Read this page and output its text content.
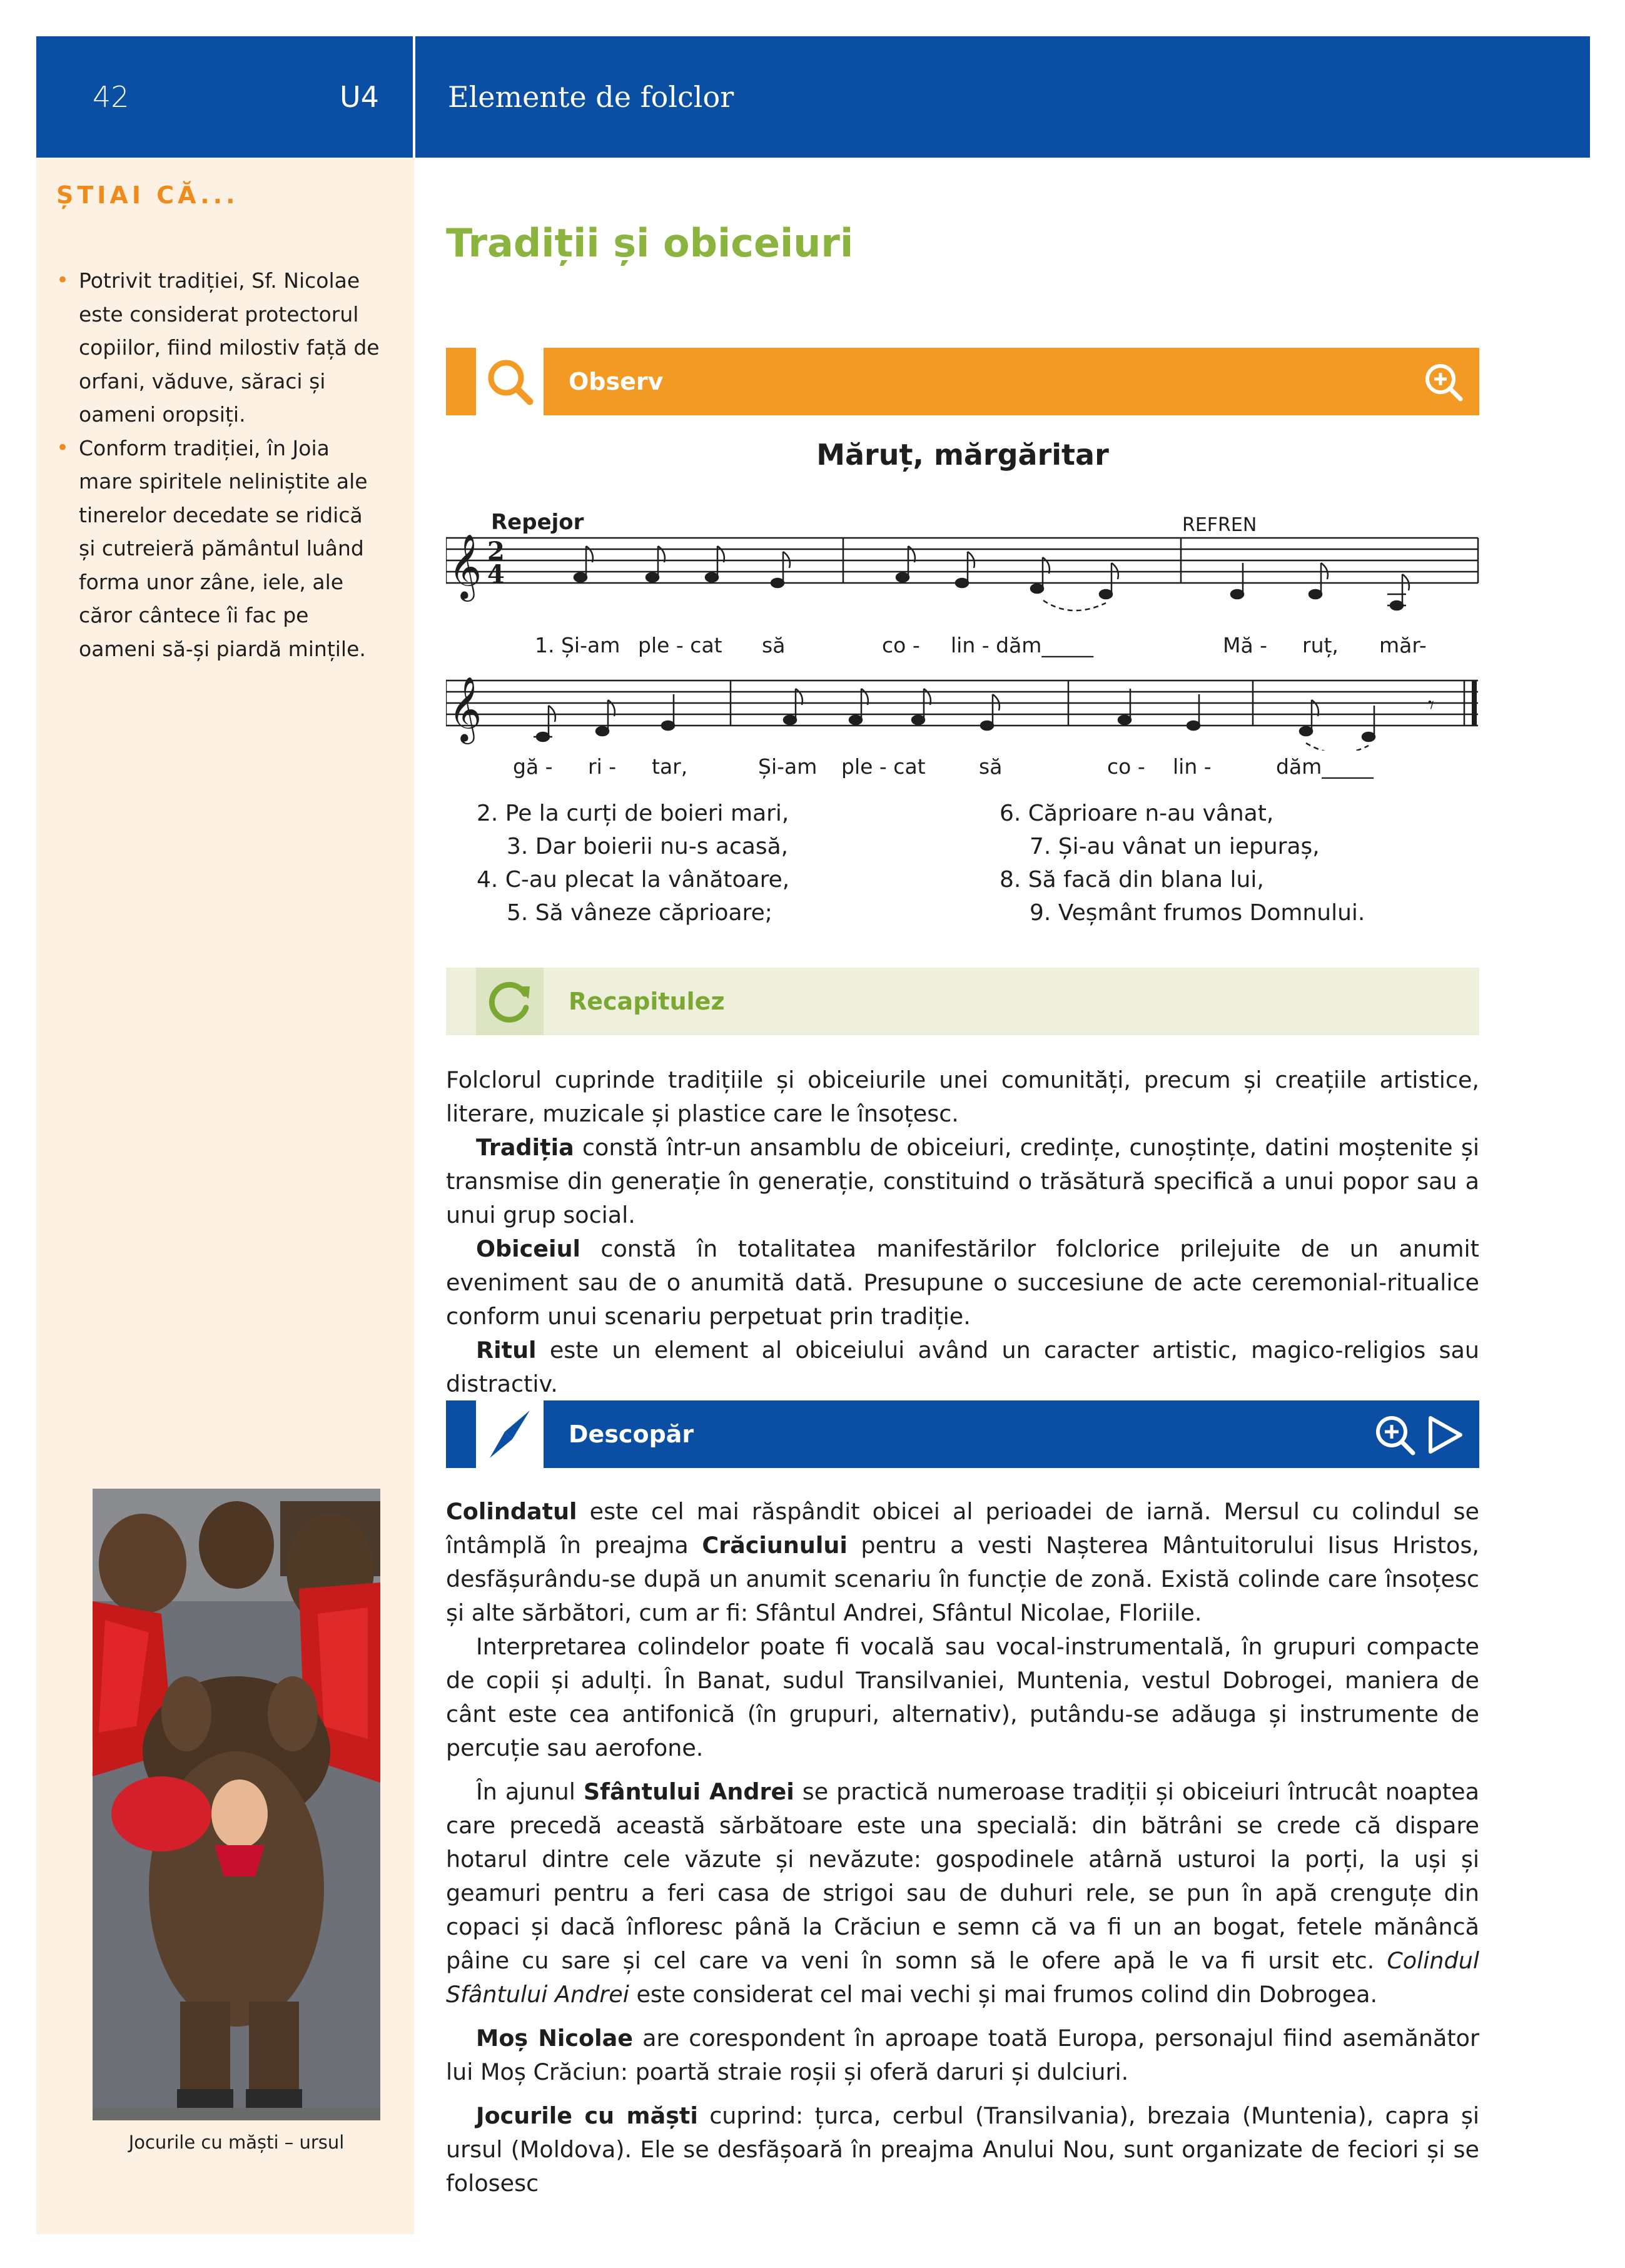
42	U4 Elemente de folclor
ȘTIAI CĂ...
• Potrivit tradiției, Sf. Nicolae este considerat protectorul copiilor, fiind milostiv față de orfani, văduve, săraci și oameni oropsiți.
• Conform tradiției, în Joia mare spiritele neliniștite ale tinerelor decedate se ridică și cutreieră pământul luând forma unor zâne, iele, ale căror cântece îi fac pe oameni să-și piardă mințile.
Jocurile cu măști – ursul
Tradiții și obiceiuri
Observ
Măruț, mărgăritar
Repejor	REFREN
𝄞
𝄞
2
4
𝄾
1. Și-am ple - cat să	co - lin - dăm_____	Mă - ruț, măr-
gă - ri - tar,	Și-am ple - cat	să	co - lin -	dăm_____
2. Pe la curți de boieri mari,
3. Dar boierii nu-s acasă,
4. C-au plecat la vânătoare,
5. Să vâneze căprioare;
6. Căprioare n-au vânat,
7. Și-au vânat un iepuraș,
8. Să facă din blana lui,
9. Veșmânt frumos Domnului.
Recapitulez

Folclorul cuprinde tradițiile și obiceiurile unei comunități, precum și creațiile artistice, literare, muzicale și plastice care le însoțesc.

Tradiția constă într-un ansamblu de obiceiuri, credințe, cunoștințe, datini moștenite și transmise din generație în generație, constituind o trăsătură specifică a unui popor sau a unui grup social.

Obiceiul constă în totalitatea manifestărilor folclorice prilejuite de un anumit eveniment sau de o anumită dată. Presupune o succesiune de acte ceremonial-ritualice conform unui scenariu perpetuat prin tradiție.

Ritul este un element al obiceiului având un caracter artistic, magico-religios sau distractiv.

Descopăr

Colindatul este cel mai răspândit obicei al perioadei de iarnă. Mersul cu colindul se întâmplă în preajma Crăciunului pentru a vesti Nașterea Mântuitorului Iisus Hristos, desfășurându-se după un anumit scenariu în funcție de zonă. Există colinde care însoțesc și alte sărbători, cum ar fi: Sfântul Andrei, Sfântul Nicolae, Floriile.

Interpretarea colindelor poate fi vocală sau vocal-instrumentală, în grupuri compacte de copii și adulți. În Banat, sudul Transilvaniei, Muntenia, vestul Dobrogei, maniera de cânt este cea antifonică (în grupuri, alternativ), putându-se adăuga și instrumente de percuție sau aerofone.

În ajunul Sfântului Andrei se practică numeroase tradiții și obiceiuri întrucât noaptea care precedă această sărbătoare este una specială: din bătrâni se crede că dispare hotarul dintre cele văzute și nevăzute: gospodinele atârnă usturoi la porți, la uși și geamuri pentru a feri casa de strigoi sau de duhuri rele, se pun în apă crenguțe din copaci și dacă înfloresc până la Crăciun e semn că va fi un an bogat, fetele mănâncă pâine cu sare și cel care va veni în somn să le ofere apă le va fi ursit etc. Colindul Sfântului Andrei este considerat cel mai vechi și mai frumos colind din Dobrogea.

Moș Nicolae are corespondent în aproape toată Europa, personajul fiind asemănător lui Moș Crăciun: poartă straie roșii și oferă daruri și dulciuri.

Jocurile cu măști cuprind: țurca, cerbul (Transilvania), brezaia (Muntenia), capra și ursul (Moldova). Ele se desfășoară în preajma Anului Nou, sunt organizate de feciori și se folosesc
